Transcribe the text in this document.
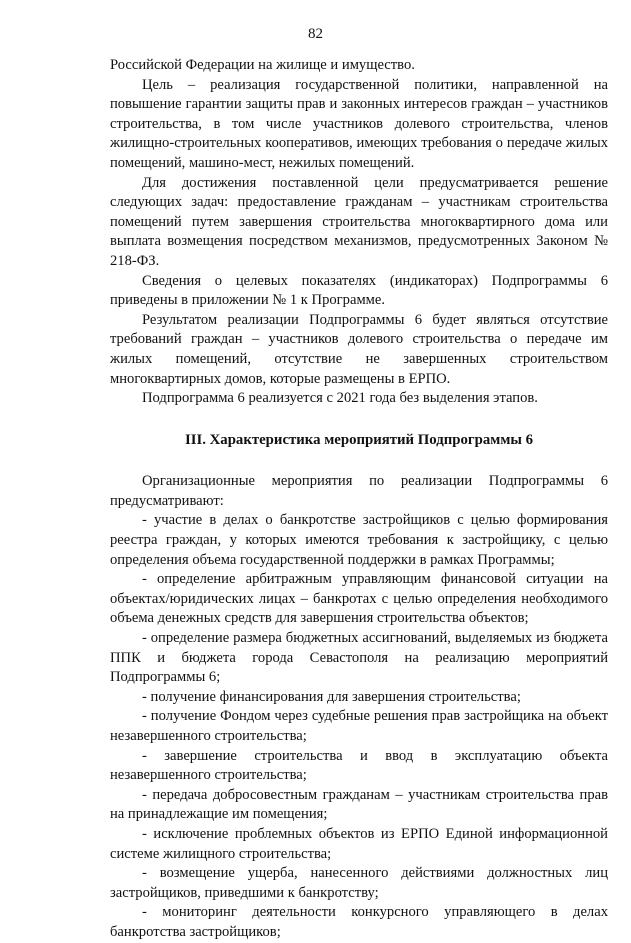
82

Российской Федерации на жилище и имущество.

Цель – реализация государственной политики, направленной на повышение гарантии защиты прав и законных интересов граждан – участников строительства, в том числе участников долевого строительства, членов жилищно-строительных кооперативов, имеющих требования о передаче жилых помещений, машино-мест, нежилых помещений.

Для достижения поставленной цели предусматривается решение следующих задач: предоставление гражданам – участникам строительства помещений путем завершения строительства многоквартирного дома или выплата возмещения посредством механизмов, предусмотренных Законом № 218-ФЗ.

Сведения о целевых показателях (индикаторах) Подпрограммы 6 приведены в приложении № 1 к Программе.

Результатом реализации Подпрограммы 6 будет являться отсутствие требований граждан – участников долевого строительства о передаче им жилых помещений, отсутствие не завершенных строительством многоквартирных домов, которые размещены в ЕРПО.

Подпрограмма 6 реализуется с 2021 года без выделения этапов.

III. Характеристика мероприятий Подпрограммы 6

Организационные мероприятия по реализации Подпрограммы 6 предусматривают:

- участие в делах о банкротстве застройщиков с целью формирования реестра граждан, у которых имеются требования к застройщику, с целью определения объема государственной поддержки в рамках Программы;

- определение арбитражным управляющим финансовой ситуации на объектах/юридических лицах – банкротах с целью определения необходимого объема денежных средств для завершения строительства объектов;

- определение размера бюджетных ассигнований, выделяемых из бюджета ППК и бюджета города Севастополя на реализацию мероприятий Подпрограммы 6;

- получение финансирования для завершения строительства;

- получение Фондом через судебные решения прав застройщика на объект незавершенного строительства;

- завершение строительства и ввод в эксплуатацию объекта незавершенного строительства;

- передача добросовестным гражданам – участникам строительства прав на принадлежащие им помещения;

- исключение проблемных объектов из ЕРПО Единой информационной системе жилищного строительства;

- возмещение ущерба, нанесенного действиями должностных лиц застройщиков, приведшими к банкротству;

- мониторинг деятельности конкурсного управляющего в делах банкротства застройщиков;
